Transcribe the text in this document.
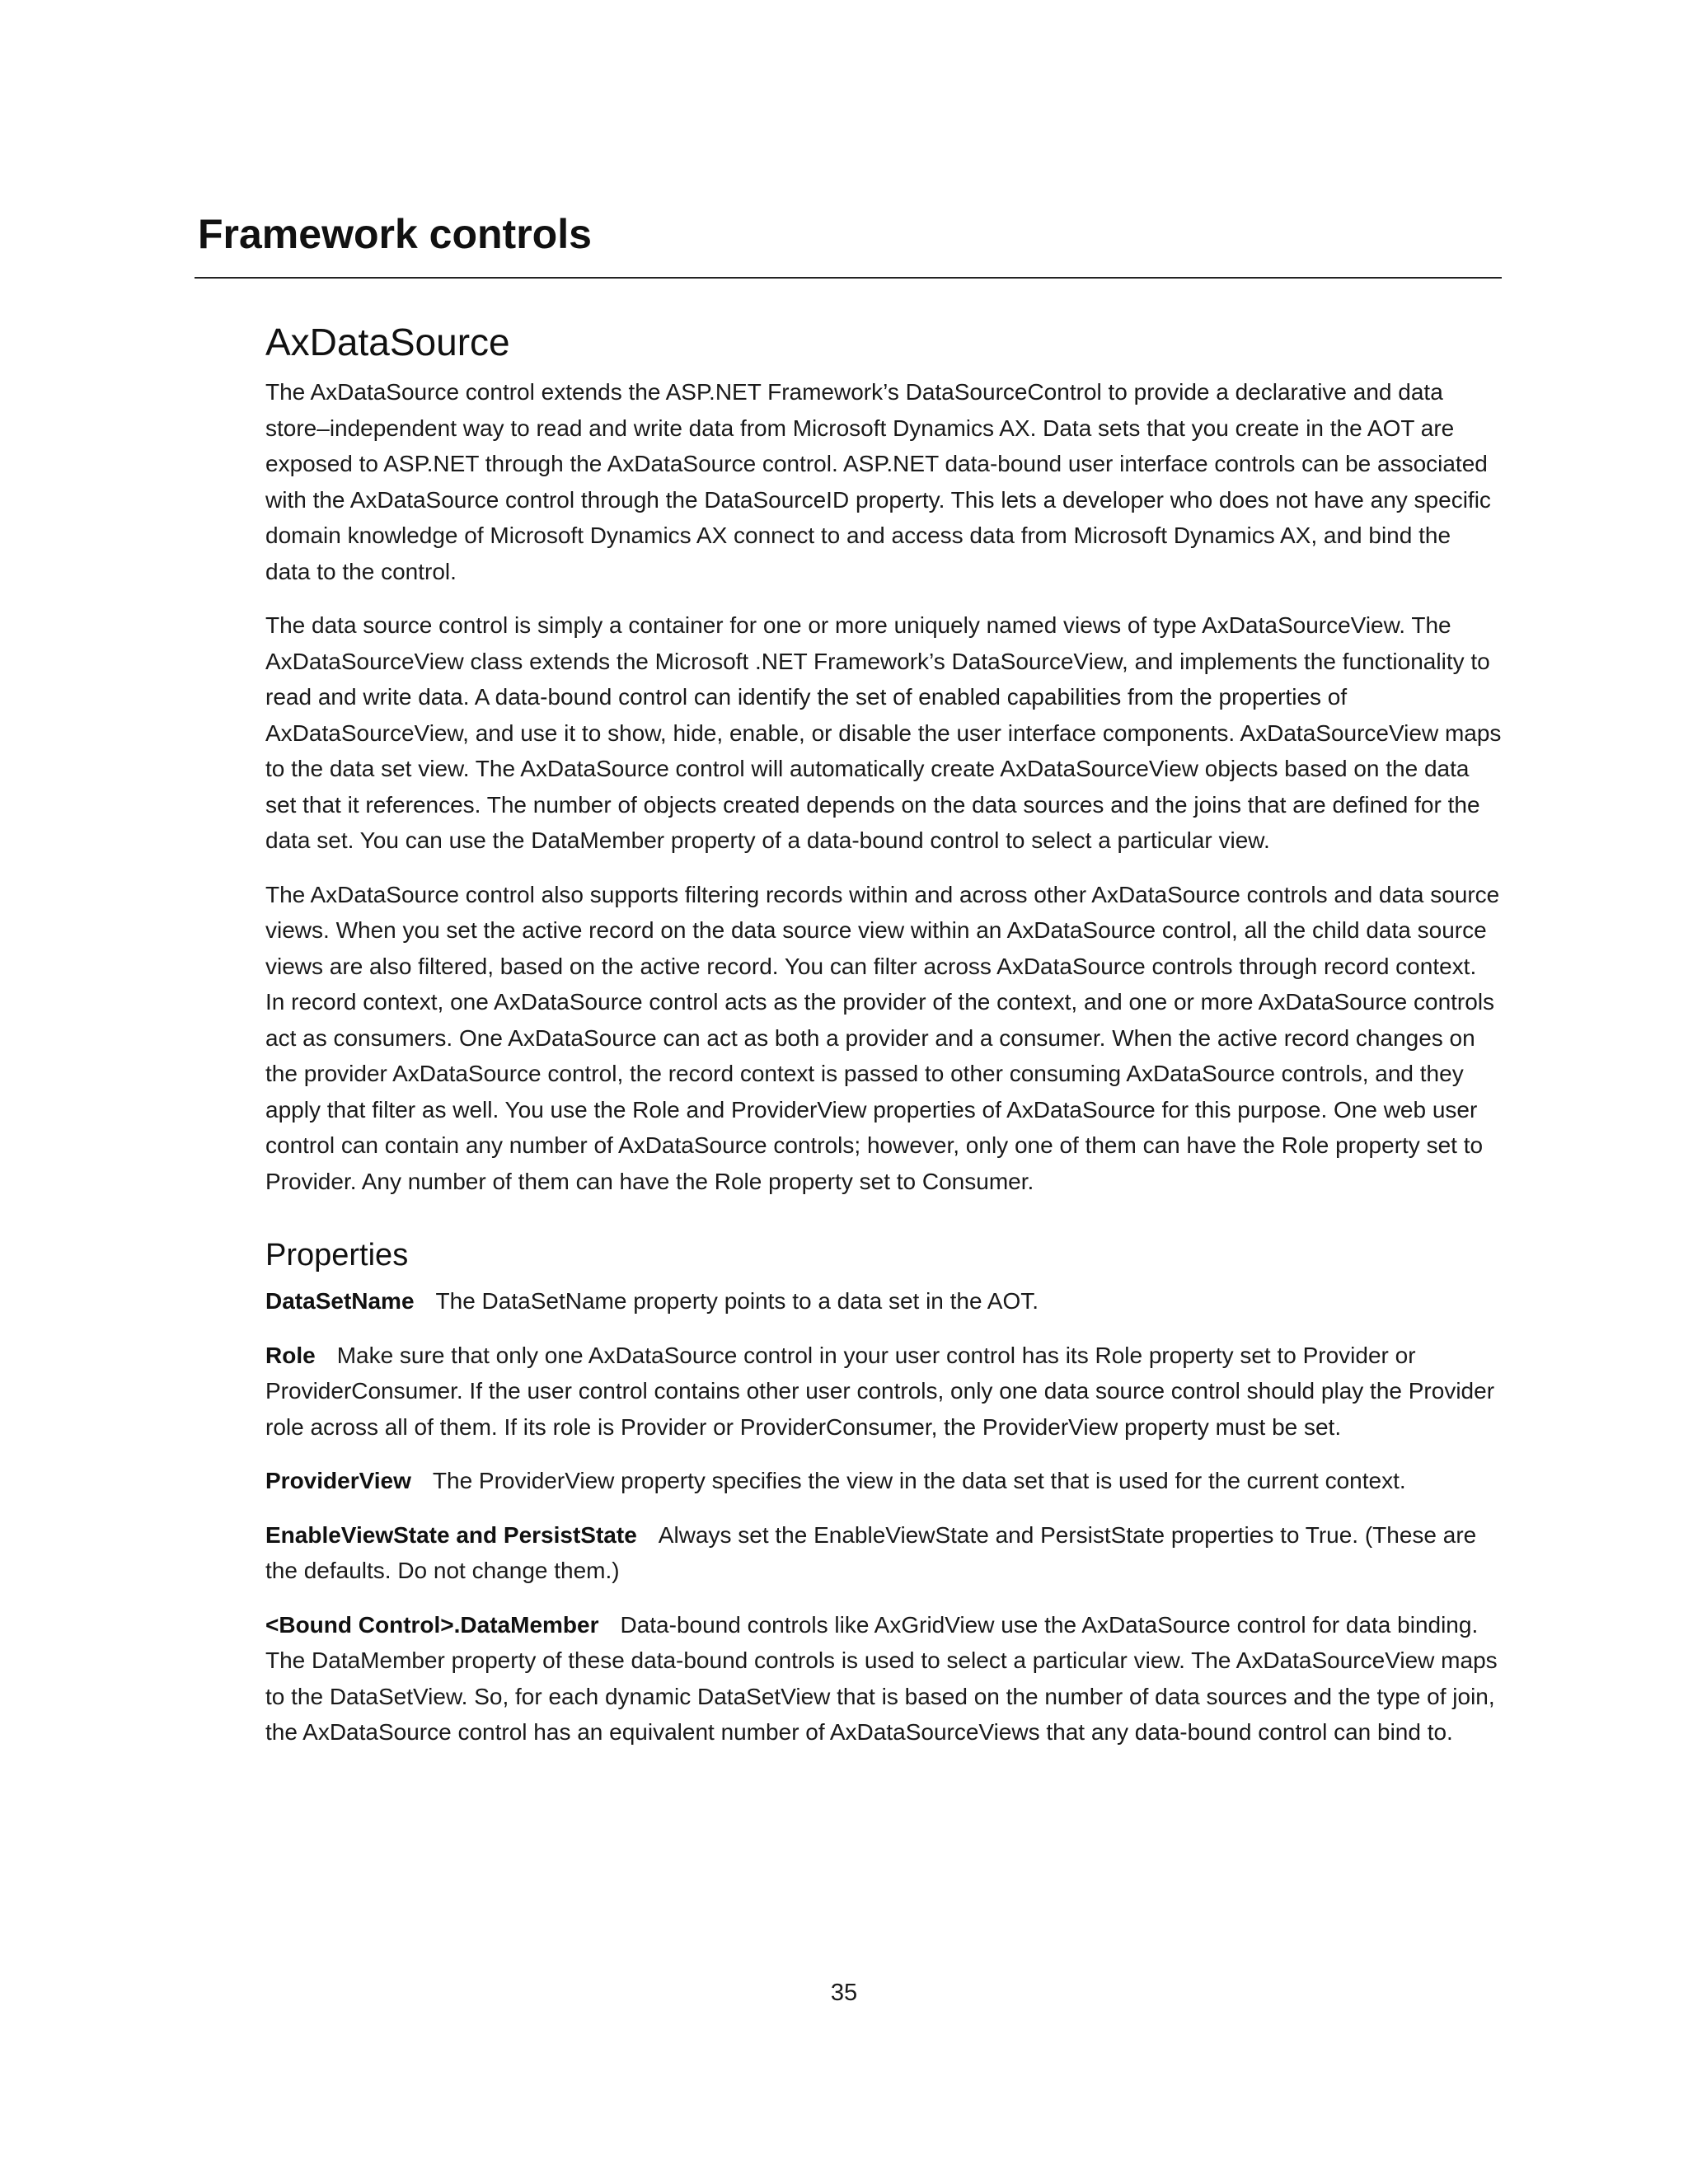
Framework controls
AxDataSource

The AxDataSource control extends the ASP.NET Framework’s DataSourceControl to provide a declarative and data store–independent way to read and write data from Microsoft Dynamics AX. Data sets that you create in the AOT are exposed to ASP.NET through the AxDataSource control. ASP.NET data-bound user interface controls can be associated with the AxDataSource control through the DataSourceID property. This lets a developer who does not have any specific domain knowledge of Microsoft Dynamics AX connect to and access data from Microsoft Dynamics AX, and bind the data to the control.

The data source control is simply a container for one or more uniquely named views of type AxDataSourceView. The AxDataSourceView class extends the Microsoft .NET Framework’s DataSourceView, and implements the functionality to read and write data. A data-bound control can identify the set of enabled capabilities from the properties of AxDataSourceView, and use it to show, hide, enable, or disable the user interface components. AxDataSourceView maps to the data set view. The AxDataSource control will automatically create AxDataSourceView objects based on the data set that it references. The number of objects created depends on the data sources and the joins that are defined for the data set. You can use the DataMember property of a data-bound control to select a particular view.

The AxDataSource control also supports filtering records within and across other AxDataSource controls and data source views. When you set the active record on the data source view within an AxDataSource control, all the child data source views are also filtered, based on the active record. You can filter across AxDataSource controls through record context. In record context, one AxDataSource control acts as the provider of the context, and one or more AxDataSource controls act as consumers. One AxDataSource can act as both a provider and a consumer. When the active record changes on the provider AxDataSource control, the record context is passed to other consuming AxDataSource controls, and they apply that filter as well. You use the Role and ProviderView properties of AxDataSource for this purpose. One web user control can contain any number of AxDataSource controls; however, only one of them can have the Role property set to Provider. Any number of them can have the Role property set to Consumer.

Properties

DataSetName The DataSetName property points to a data set in the AOT.

Role Make sure that only one AxDataSource control in your user control has its Role property set to Provider or ProviderConsumer. If the user control contains other user controls, only one data source control should play the Provider role across all of them. If its role is Provider or ProviderConsumer, the ProviderView property must be set.

ProviderView The ProviderView property specifies the view in the data set that is used for the current context.

EnableViewState and PersistState Always set the EnableViewState and PersistState properties to True. (These are the defaults. Do not change them.)

<Bound Control>.DataMember Data-bound controls like AxGridView use the AxDataSource control for data binding. The DataMember property of these data-bound controls is used to select a particular view. The AxDataSourceView maps to the DataSetView. So, for each dynamic DataSetView that is based on the number of data sources and the type of join, the AxDataSource control has an equivalent number of AxDataSourceViews that any data-bound control can bind to.

35
